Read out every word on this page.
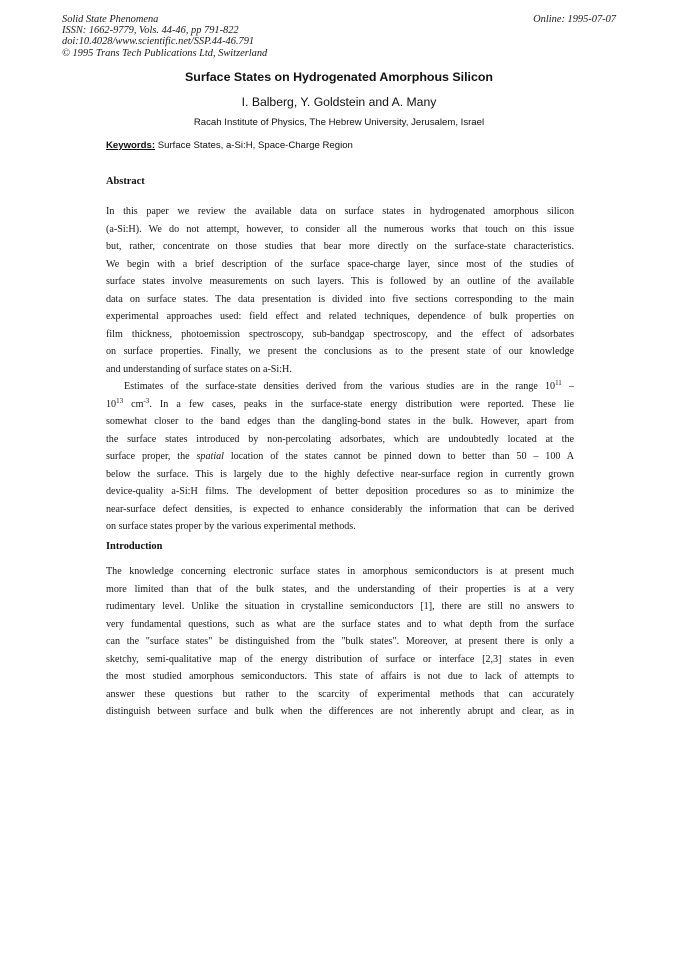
Solid State Phenomena
ISSN: 1662-9779, Vols. 44-46, pp 791-822
doi:10.4028/www.scientific.net/SSP.44-46.791
© 1995 Trans Tech Publications Ltd, Switzerland
Online: 1995-07-07
Surface States on Hydrogenated Amorphous Silicon
I. Balberg, Y. Goldstein and A. Many
Racah Institute of Physics, The Hebrew University, Jerusalem, Israel
Keywords: Surface States, a-Si:H, Space-Charge Region
Abstract
In this paper we review the available data on surface states in hydrogenated amorphous silicon
(a-Si:H). We do not attempt, however, to consider all the numerous works that touch on this issue
but, rather, concentrate on those studies that bear more directly on the surface-state characteristics.
We begin with a brief description of the surface space-charge layer, since most of the studies of
surface states involve measurements on such layers. This is followed by an outline of the available
data on surface states. The data presentation is divided into five sections corresponding to the main
experimental approaches used: field effect and related techniques, dependence of bulk properties on
film thickness, photoemission spectroscopy, sub-bandgap spectroscopy, and the effect of adsorbates
on surface properties. Finally, we present the conclusions as to the present state of our knowledge
and understanding of surface states on a-Si:H.
Estimates of the surface-state densities derived from the various studies are in the range $10^{11}$ –
$10^{13}$ $cm^{-3}$. In a few cases, peaks in the surface-state energy distribution were reported. These lie
somewhat closer to the band edges than the dangling-bond states in the bulk. However, apart from
the surface states introduced by non-percolating adsorbates, which are undoubtedly located at the
surface proper, the spatial location of the states cannot be pinned down to better than 50 – 100 A
below the surface. This is largely due to the highly defective near-surface region in currently grown
device-quality a-Si:H films. The development of better deposition procedures so as to minimize the
near-surface defect densities, is expected to enhance considerably the information that can be derived
on surface states proper by the various experimental methods.
Introduction
The knowledge concerning electronic surface states in amorphous semiconductors is at present much
more limited than that of the bulk states, and the understanding of their properties is at a very
rudimentary level. Unlike the situation in crystalline semiconductors [1], there are still no answers to
very fundamental questions, such as what are the surface states and to what depth from the surface
can the "surface states" be distinguished from the "bulk states". Moreover, at present there is only a
sketchy, semi-qualitative map of the energy distribution of surface or interface [2,3] states in even
the most studied amorphous semiconductors. This state of affairs is not due to lack of attempts to
answer these questions but rather to the scarcity of experimental methods that can accurately
distinguish between surface and bulk when the differences are not inherently abrupt and clear, as in
